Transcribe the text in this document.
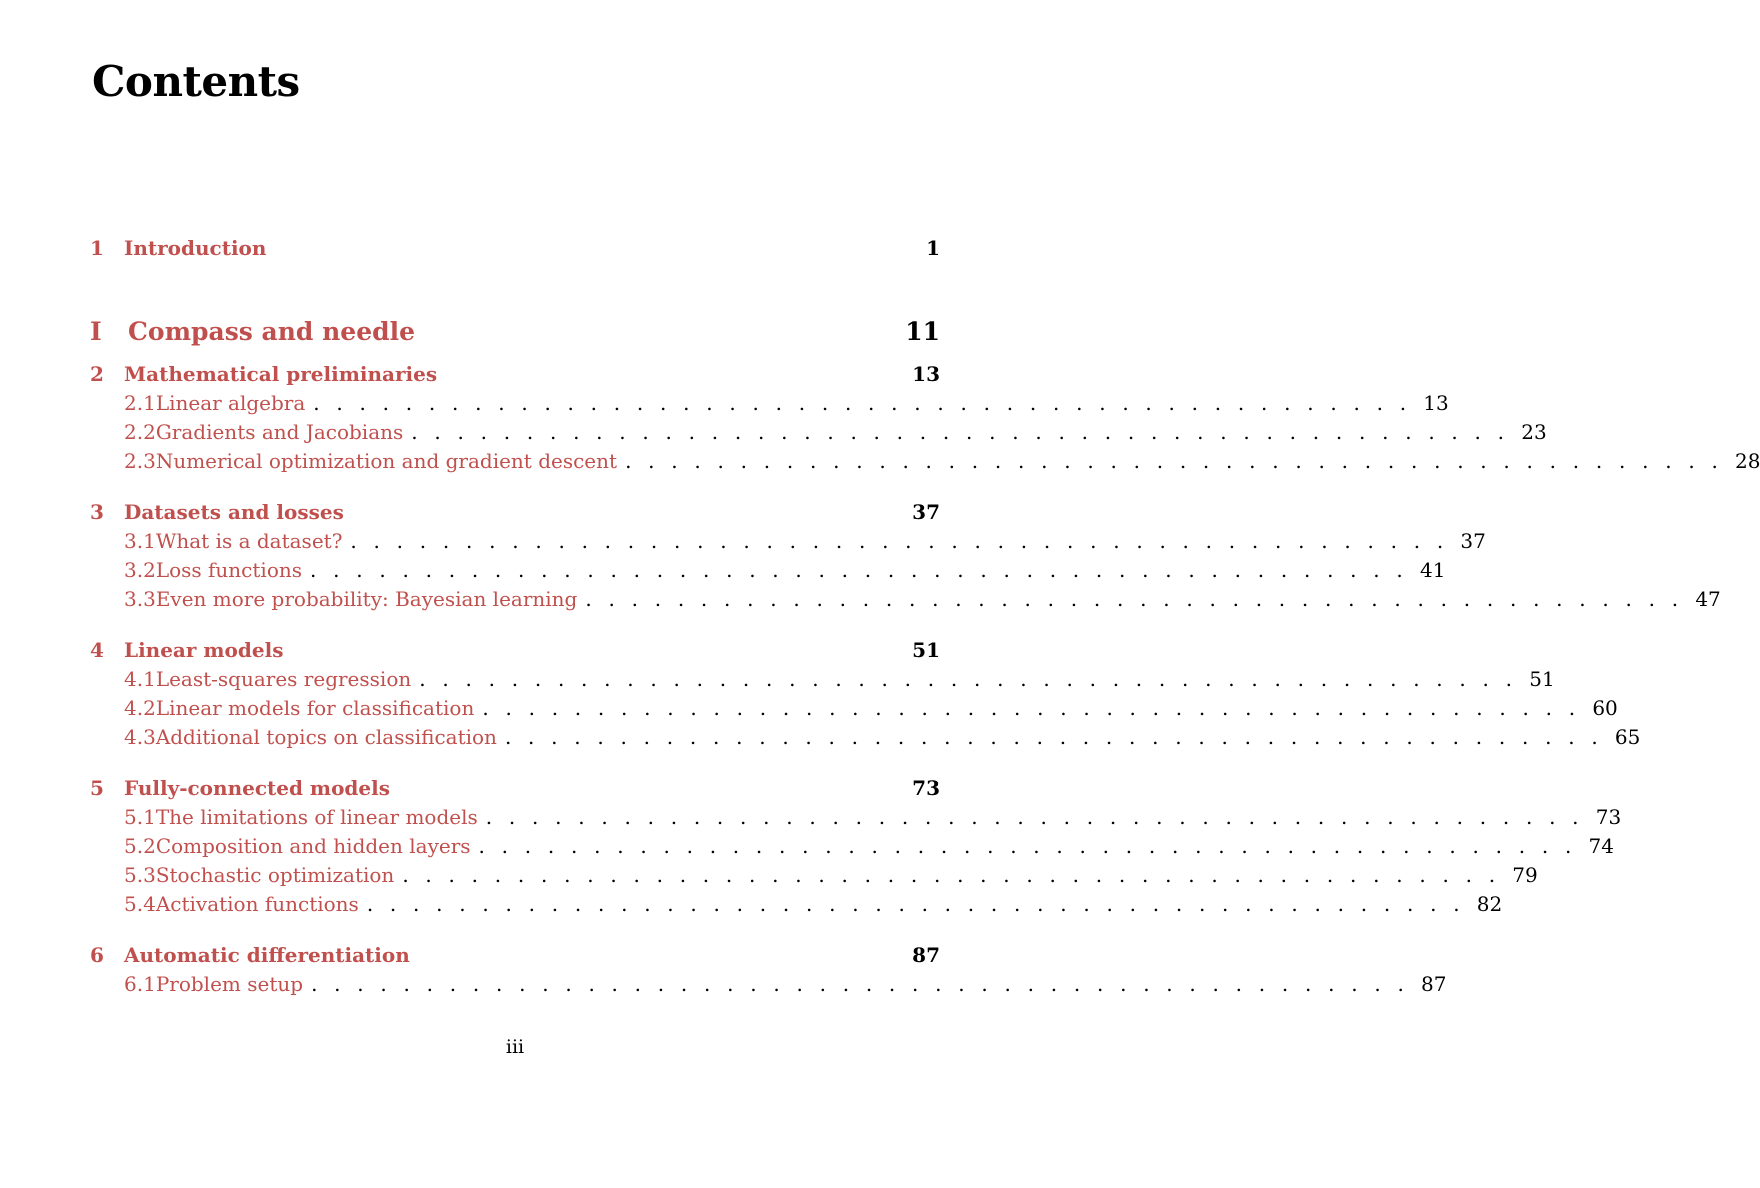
Contents
1	Introduction	1
I	Compass and needle	11
2	Mathematical preliminaries	13
2.1 Linear algebra . . . . . . . . . . . . . . . . . . . . . . . . . . . . . . . . . . . . . . . . . . . . . . . . 13
2.2 Gradients and Jacobians . . . . . . . . . . . . . . . . . . . . . . . . . . . . . . . . . . . . . . . . . . . . . . . . 23
2.3 Numerical optimization and gradient descent . . . . . . . . . . . . . . . . . . . . . . . . . . . . . . . . . . . . . . . . . . . . . . . . 28
3	Datasets and losses	37
3.1 What is a dataset? . . . . . . . . . . . . . . . . . . . . . . . . . . . . . . . . . . . . . . . . . . . . . . . . 37
3.2 Loss functions . . . . . . . . . . . . . . . . . . . . . . . . . . . . . . . . . . . . . . . . . . . . . . . . 41
3.3 Even more probability: Bayesian learning . . . . . . . . . . . . . . . . . . . . . . . . . . . . . . . . . . . . . . . . . . . . . . . . 47
4	Linear models	51
4.1 Least-squares regression . . . . . . . . . . . . . . . . . . . . . . . . . . . . . . . . . . . . . . . . . . . . . . . . 51
4.2 Linear models for classification . . . . . . . . . . . . . . . . . . . . . . . . . . . . . . . . . . . . . . . . . . . . . . . . 60
4.3 Additional topics on classification . . . . . . . . . . . . . . . . . . . . . . . . . . . . . . . . . . . . . . . . . . . . . . . . 65
5	Fully-connected models	73
5.1 The limitations of linear models . . . . . . . . . . . . . . . . . . . . . . . . . . . . . . . . . . . . . . . . . . . . . . . . 73
5.2 Composition and hidden layers . . . . . . . . . . . . . . . . . . . . . . . . . . . . . . . . . . . . . . . . . . . . . . . . 74
5.3 Stochastic optimization . . . . . . . . . . . . . . . . . . . . . . . . . . . . . . . . . . . . . . . . . . . . . . . . 79
5.4 Activation functions . . . . . . . . . . . . . . . . . . . . . . . . . . . . . . . . . . . . . . . . . . . . . . . . 82
6	Automatic differentiation	87
6.1 Problem setup . . . . . . . . . . . . . . . . . . . . . . . . . . . . . . . . . . . . . . . . . . . . . . . . 87
iii
